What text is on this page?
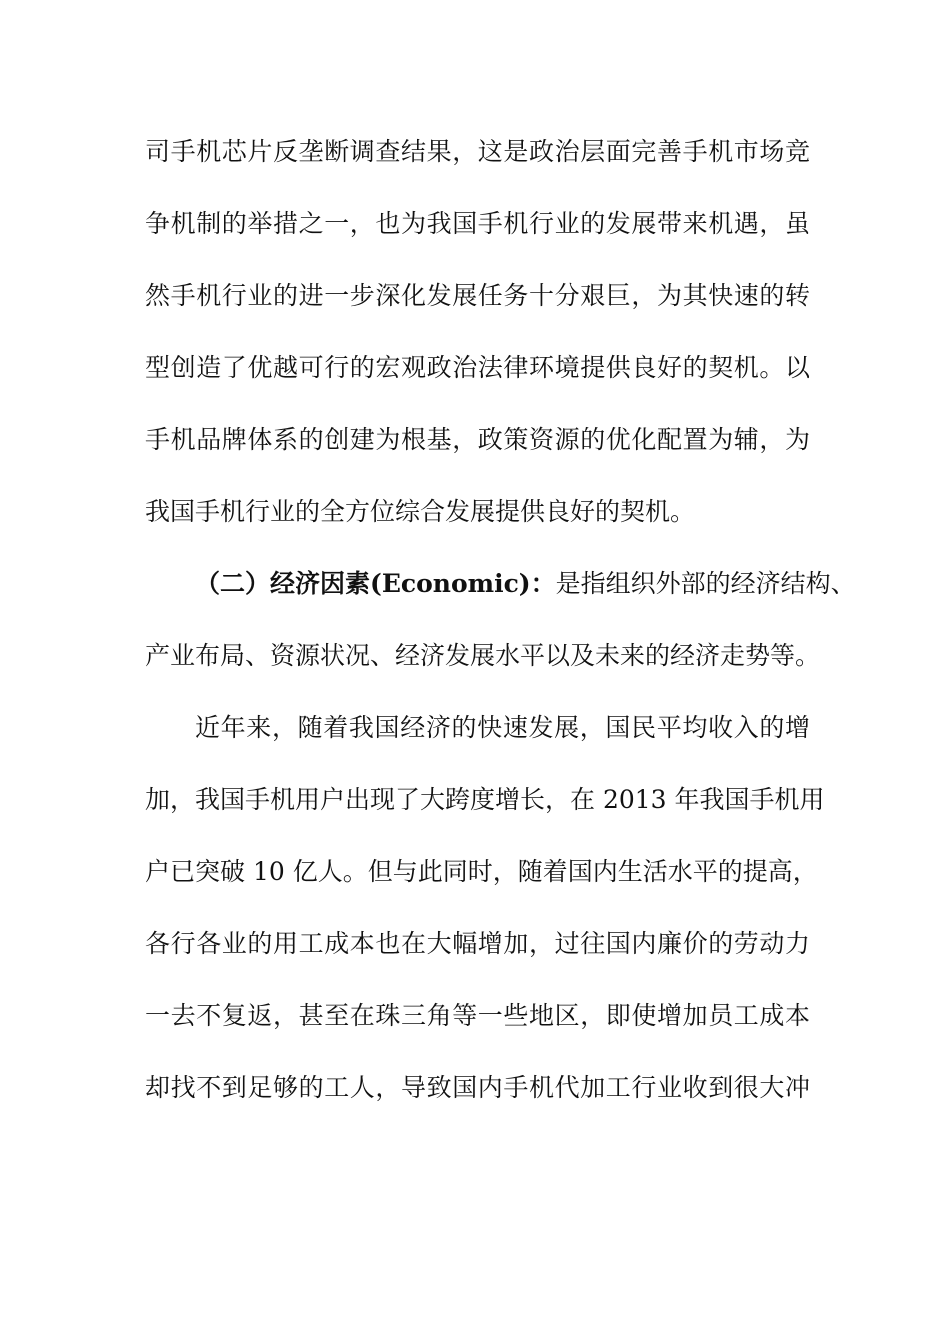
司手机芯片反垄断调查结果，这是政治层面完善手机市场竞
争机制的举措之一，也为我国手机行业的发展带来机遇，虽
然手机行业的进一步深化发展任务十分艰巨，为其快速的转
型创造了优越可行的宏观政治法律环境提供良好的契机。以
手机品牌体系的创建为根基，政策资源的优化配置为辅，为
我国手机行业的全方位综合发展提供良好的契机。
（二）经济因素(Economic)：是指组织外部的经济结构、
产业布局、资源状况、经济发展水平以及未来的经济走势等。
近年来，随着我国经济的快速发展，国民平均收入的增
加，我国手机用户出现了大跨度增长，在 2013 年我国手机用
户已突破 10 亿人。但与此同时，随着国内生活水平的提高，
各行各业的用工成本也在大幅增加，过往国内廉价的劳动力
一去不复返，甚至在珠三角等一些地区，即使增加员工成本
却找不到足够的工人，导致国内手机代加工行业收到很大冲
